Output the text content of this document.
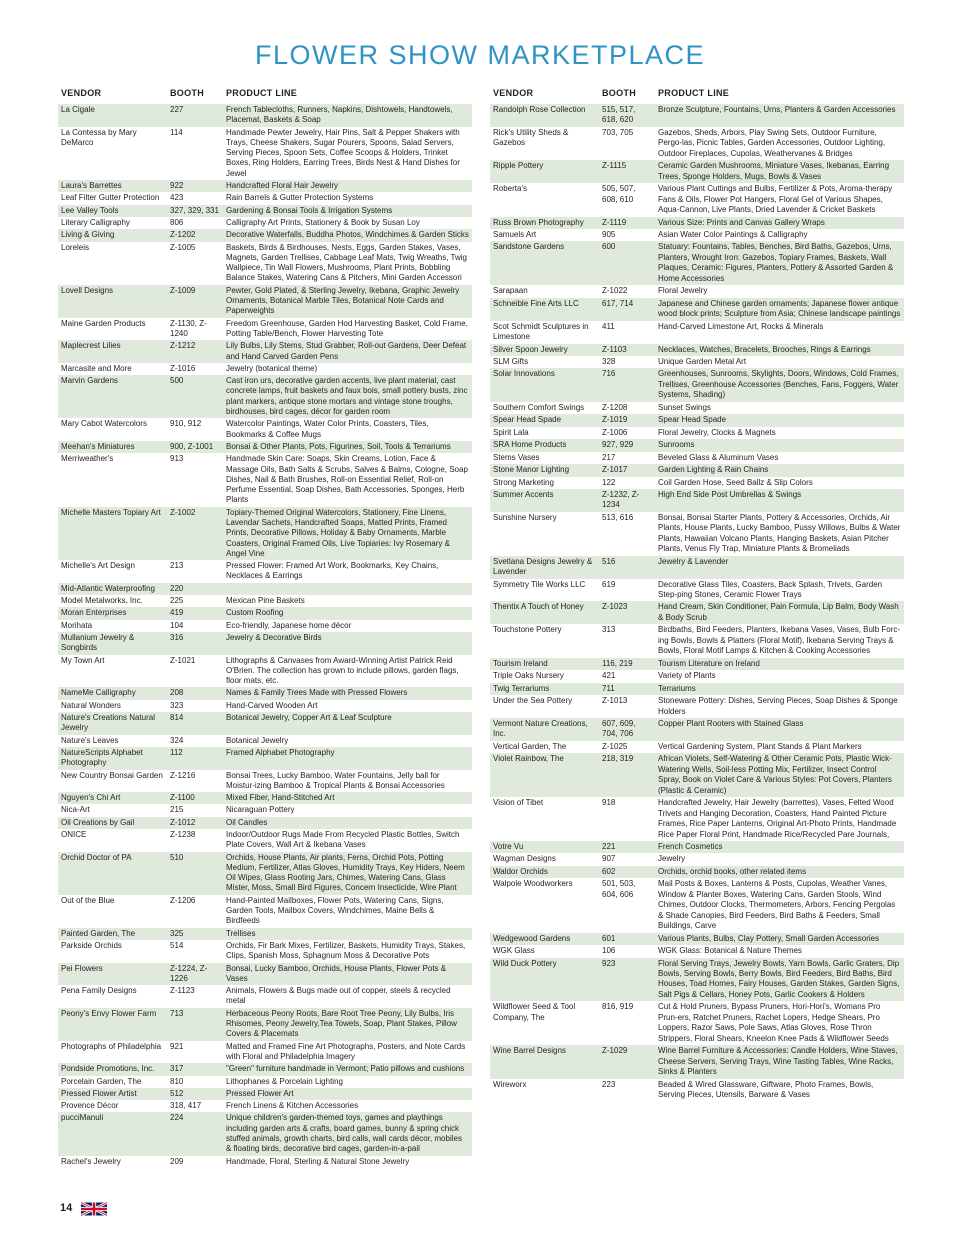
FLOWER SHOW MARKETPLACE
VENDOR	BOOTH	PRODUCT LINE
La Cigale	227	French Tablecloths, Runners, Napkins, Dishtowels, Handtowels, Placemat, Baskets & Soap
La Contessa by Mary DeMarco	114	Handmade Pewter Jewelry, Hair Pins, Salt & Pepper Shakers with Trays, Cheese Shakers, Sugar Pourers, Spoons, Salad Servers, Serving Pieces, Spoon Sets, Coffee Scoops & Holders, Trinket Boxes, Ring Holders, Earring Trees, Birds Nest & Hand Dishes for Jewel
Laura's Barrettes	922	Handcrafted Floral Hair Jewelry
Leaf Filter Gutter Protection	423	Rain Barrels & Gutter Protection Systems
Lee Valley Tools	327, 329, 331	Gardening & Bonsai Tools & Irrigation Systems
Literary Calligraphy	806	Calligraphy Art Prints, Stationery & Book by Susan Loy
Living & Giving	Z-1202	Decorative Waterfalls, Buddha Photos, Windchimes & Garden Sticks
Loreleis	Z-1005	Baskets, Birds & Birdhouses, Nests, Eggs, Garden Stakes, Vases, Magnets, Garden Trellises, Cabbage Leaf Mats, Twig Wreaths, Twig Wallpiece, Tin Wall Flowers, Mushrooms, Plant Prints, Bobbling Balance Stakes, Watering Cans & Pitchers, Mini Garden Accessori
Lovell Designs	Z-1009	Pewter, Gold Plated, & Sterling Jewelry, Ikebana, Graphic Jewelry Ornaments, Botanical Marble Tiles, Botanical Note Cards and Paperweights
Maine Garden Products	Z-1130, Z-1240	Freedom Greenhouse, Garden Hod Harvesting Basket, Cold Frame, Potting Table/Bench, Flower Harvesting Tote
Maplecrest Lilies	Z-1212	Lily Bulbs, Lily Stems, Stud Grabber, Roll-out Gardens, Deer Defeat and Hand Carved Garden Pens
Marcasite and More	Z-1016	Jewelry (botanical theme)
Marvin Gardens	500	Cast iron urs, decorative garden accents, live plant material, cast concrete lamps, fruit baskets and faux bois, small pottery busts, zinc plant markers, antique stone mortars and vintage stone troughs, birdhouses, bird cages, décor for garden room
Mary Cabot Watercolors	910, 912	Watercolor Paintings, Water Color Prints, Coasters, Tiles, Bookmarks & Coffee Mugs
Meehan's Miniatures	900, Z-1001	Bonsai & Other Plants, Pots, Figurines, Soil, Tools & Terrariums
Merriweather's	913	Handmade Skin Care: Soaps, Skin Creams, Lotion, Face & Massage Oils, Bath Salts & Scrubs, Salves & Balms, Cologne, Soap Dishes, Nail & Bath Brushes, Roll-on Essential Relief, Roll-on Perfume Essential, Soap Dishes, Bath Accessories, Sponges, Herb Plants
Michelle Masters Topiary Art	Z-1002	Topiary-Themed Original Watercolors, Stationery, Fine Linens, Lavendar Sachets, Handcrafted Soaps, Matted Prints, Framed Prints, Decorative Pillows, Holiday & Baby Ornaments, Marble Coasters, Original Framed Oils, Live Topiaries: Ivy Rosemary & Angel Vine
Michelle's Art Design	213	Pressed Flower: Framed Art Work, Bookmarks, Key Chains, Necklaces & Earrings
Mid-Atlantic Waterproofing	220	
Model Metalworks, Inc.	225	Mexican Pine Baskets
Moran Enterprises	419	Custom Roofing
Morihata	104	Eco-friendly, Japanese home décor
Mullanium Jewelry & Songbirds	316	Jewelry & Decorative Birds
My Town Art	Z-1021	Lithographs & Canvases from Award-Winning Artist Patrick Reid O'Brien. The collection has grown to include pillows, garden flags, floor mats, etc.
NameMe Calligraphy	208	Names & Family Trees Made with Pressed Flowers
Natural Wonders	323	Hand-Carved Wooden Art
Nature's Creations Natural Jewelry	814	Botanical Jewelry, Copper Art & Leaf Sculpture
Nature's Leaves	324	Botanical Jewelry
NatureScripts Alphabet Photography	112	Framed Alphabet Photography
New Country Bonsai Garden	Z-1216	Bonsai Trees, Lucky Bamboo, Water Fountains, Jelly ball for Moistur-izing Bamboo & Tropical Plants & Bonsai Accessories
Nguyen's Chi Art	Z-1100	Mixed Fiber, Hand-Stitched Art
Nica-Art	215	Nicaraguan Pottery
Oil Creations by Gail	Z-1012	Oil Candles
ONICE	Z-1238	Indoor/Outdoor Rugs Made From Recycled Plastic Bottles, Switch Plate Covers, Wall Art & Ikebana Vases
Orchid Doctor of PA	510	Orchids, House Plants, Air plants, Ferns, Orchid Pots, Potting Medium, Fertilizer, Atlas Gloves, Humidity Trays, Key Hiders, Neem Oil Wipes, Glass Rooting Jars, Chimes, Watering Cans, Glass Mister, Moss, Small Bird Figures, Concern Insecticide, Wire Plant
Out of the Blue	Z-1206	Hand-Painted Mailboxes, Flower Pots, Watering Cans, Signs, Garden Tools, Mailbox Covers, Windchimes, Maine Bells & Birdfeeds
Painted Garden, The	325	Trellises
Parkside Orchids	514	Orchids, Fir Bark Mixes, Fertilizer, Baskets, Humidity Trays, Stakes, Clips, Spanish Moss, Sphagnum Moss & Decorative Pots
Pei Flowers	Z-1224, Z-1226	Bonsai, Lucky Bamboo, Orchids, House Plants, Flower Pots & Vases
Pena Family Designs	Z-1123	Animals, Flowers & Bugs made out of copper, steels & recycled metal
Peony's Envy Flower Farm	713	Herbaceous Peony Roots, Bare Root Tree Peony, Lily Bulbs, Iris Rhisomes, Peony Jewelry,Tea Towels, Soap, Plant Stakes, Pillow Covers & Placemats
Photographs of Philadelphia	921	Matted and Framed Fine Art Photographs, Posters, and Note Cards with Floral and Philadelphia Imagery
Pondside Promotions, Inc.	317	"Green" furniture handmade in Vermont; Patio pillows and cushions
Porcelain Garden, The	810	Lithophanes & Porcelain Lighting
Pressed Flower Artist	512	Pressed Flower Art
Provence Décor	318, 417	French Linens & Kitchen Accessories
pucciManuli	224	Unique children's garden-themed toys, games and playthings including garden arts & crafts, board games, bunny & spring chick stuffed animals, growth charts, bird calls, wall cards décor, mobiles & floating birds, decorative bird cages, garden-in-a-pail
Rachel's Jewelry	209	Handmade, Floral, Sterling & Natural Stone Jewelry
VENDOR	BOOTH	PRODUCT LINE
Randolph Rose Collection	515, 517, 618, 620	Bronze Sculpture, Fountains, Urns, Planters & Garden Accessories
Rick's Utility Sheds & Gazebos	703, 705	Gazebos, Sheds, Arbors, Play Swing Sets, Outdoor Furniture, Pergo-las, Picnic Tables, Garden Accessories, Outdoor Lighting, Outdoor Fireplaces, Cupolas, Weathervanes & Bridges
Ripple Pottery	Z-1115	Ceramic Garden Mushrooms, Miniature Vases, Ikebanas, Earring Trees, Sponge Holders, Mugs, Bowls & Vases
Roberta's	505, 507, 608, 610	Various Plant Cuttings and Bulbs, Fertilizer & Pots, Aroma-therapy Fans & Oils, Flower Pot Hangers, Floral Gel of Various Shapes, Aqua-Cannon, Live Plants, Dried Lavender & Cricket Baskets
Russ Brown Photography	Z-1119	Various Size: Prints and Canvas Gallery Wraps
Samuels Art	905	Asian Water Color Paintings & Calligraphy
Sandstone Gardens	600	Statuary: Fountains, Tables, Benches, Bird Baths, Gazebos, Urns, Planters, Wrought Iron: Gazebos, Topiary Frames, Baskets, Wall Plaques, Ceramic: Figures, Planters, Pottery & Assorted Garden & Home Accessories
Sarapaan	Z-1022	Floral Jewelry
Schneible Fine Arts LLC	617, 714	Japanese and Chinese garden ornaments; Japanese flower antique wood block prints; Sculpture from Asia; Chinese landscape paintings
Scot Schmidt Sculptures in Limestone	411	Hand-Carved Limestone Art, Rocks & Minerals
Silver Spoon Jewelry	Z-1103	Necklaces, Watches, Bracelets, Brooches, Rings & Earrings
SLM Gifts	328	Unique Garden Metal Art
Solar Innovations	716	Greenhouses, Sunrooms, Skylights, Doors, Windows, Cold Frames, Trellises, Greenhouse Accessories (Benches, Fans, Foggers, Water Systems, Shading)
Southern Comfort Swings	Z-1208	Sunset Swings
Spear Head Spade	Z-1019	Spear Head Spade
Spirit Lala	Z-1006	Floral Jewelry, Clocks & Magnets
SRA Home Products	927, 929	Sunrooms
Stems Vases	217	Beveled Glass & Aluminum Vases
Stone Manor Lighting	Z-1017	Garden Lighting & Rain Chains
Strong Marketing	122	Coil Garden Hose, Seed Ballz & Slip Colors
Summer Accents	Z-1232, Z-1234	High End Side Post Umbrellas & Swings
Sunshine Nursery	513, 616	Bonsai, Bonsai Starter Plants, Pottery & Accessories, Orchids, Air Plants, House Plants, Lucky Bamboo, Pussy Willows, Bulbs & Water Plants, Hawaiian Volcano Plants, Hanging Baskets, Asian Pitcher Plants, Venus Fly Trap, Miniature Plants & Bromeliads
Svetlana Designs Jewelry & Lavender	516	Jewelry & Lavender
Symmetry Tile Works LLC	619	Decorative Glass Tiles, Coasters, Back Splash, Trivets, Garden Step-ping Stones, Ceramic Flower Trays
Thentix A Touch of Honey	Z-1023	Hand Cream, Skin Conditioner, Pain Formula, Lip Balm, Body Wash & Body Scrub
Touchstone Pottery	313	Birdbaths, Bird Feeders, Planters, Ikebana Vases, Vases, Bulb Forc-ing Bowls, Bowls & Platters (Floral Motif), Ikebana Serving Trays & Bowls, Floral Motif Lamps & Kitchen & Cooking Accessories
Tourism Ireland	116, 219	Tourism Literature on Ireland
Triple Oaks Nursery	421	Variety of Plants
Twig Terrariums	711	Terrariums
Under the Sea Pottery	Z-1013	Stoneware Pottery: Dishes, Serving Pieces, Soap Dishes & Sponge Holders
Vermont Nature Creations, Inc.	607, 609, 704, 706	Copper Plant Rooters with Stained Glass
Vertical Garden, The	Z-1025	Vertical Gardening System, Plant Stands & Plant Markers
Violet Rainbow, The	218, 319	African Violets, Self-Watering & Other Ceramic Pots, Plastic Wick-Watering Wells, Soil-less Potting Mix, Fertilizer, Insect Control Spray, Book on Violet Care & Various Styles: Pot Covers, Planters (Plastic & Ceramic)
Vision of Tibet	918	Handcrafted Jewelry, Hair Jewelry (barrettes), Vases, Felted Wood Trivets and Hanging Decoration, Coasters, Hand Painted Picture Frames, Rice Paper Lanterns, Original Art-Photo Prints, Handmade Rice Paper Floral Print, Handmade Rice/Recycled Pare Journals,
Votre Vu	221	French Cosmetics
Wagman Designs	907	Jewelry
Waldor Orchids	602	Orchids, orchid books, other related items
Walpole Woodworkers	501, 503, 604, 606	Mail Posts & Boxes, Lanterns & Posts, Cupolas, Weather Vanes, Window & Planter Boxes, Watering Cans, Garden Stools, Wind Chimes, Outdoor Clocks, Thermometers, Arbors, Fencing Pergolas & Shade Canopies, Bird Feeders, Bird Baths & Feeders, Small Buildings, Carve
Wedgewood Gardens	601	Various Plants, Bulbs, Clay Pottery, Small Garden Accessories
WGK Glass	106	WGK Glass: Botanical & Nature Themes
Wild Duck Pottery	923	Floral Serving Trays, Jewelry Bowls, Yarn Bowls, Garlic Graters, Dip Bowls, Serving Bowls, Berry Bowls, Bird Feeders, Bird Baths, Bird Houses, Toad Homes, Fairy Houses, Garden Stakes, Garden Signs, Salt Pigs & Cellars, Honey Pots, Garlic Cookers & Holders
Wildflower Seed & Tool Company, The	816, 919	Cut & Hold Pruners, Bypass Pruners, Hori-Hori's, Womans Pro Prun-ers, Ratchet Pruners, Rachet Lopers, Hedge Shears, Pro Loppers, Razor Saws, Pole Saws, Atlas Gloves, Rose Thron Strippers, Floral Shears, Kneelon Knee Pads & Wildflower Seeds
Wine Barrel Designs	Z-1029	Wine Barrel Furniture & Accessories: Candle Holders, Wine Staves, Cheese Servers, Serving Trays, Wine Tasting Tables, Wine Racks, Sinks & Planters
Wireworx	223	Beaded & Wired Glassware, Giftware, Photo Frames, Bowls, Serving Pieces, Utensils, Barware & Vases
14
